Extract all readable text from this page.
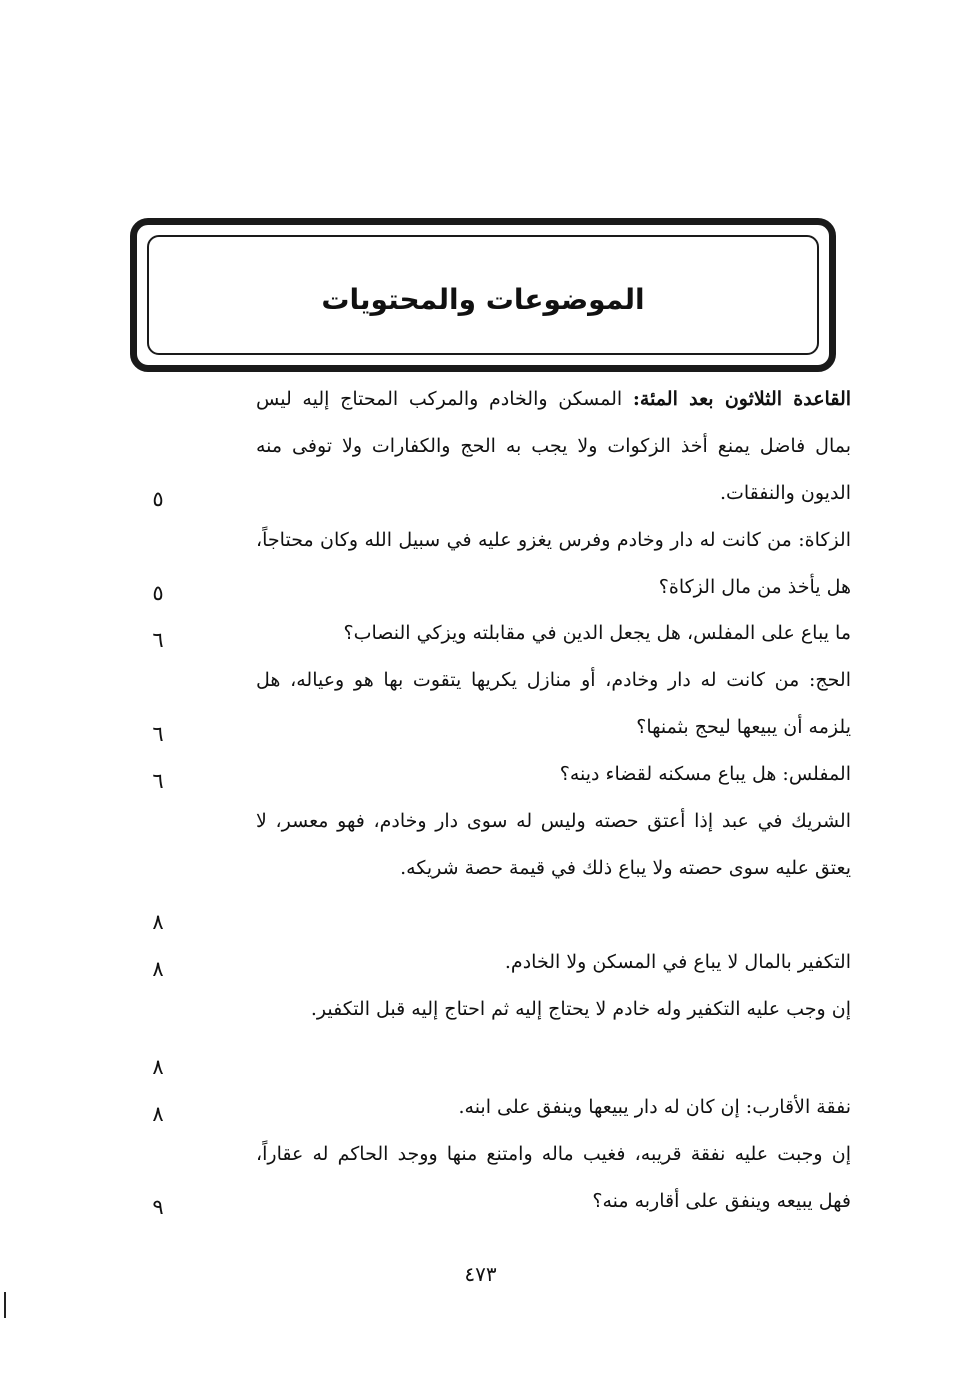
الموضوعات والمحتويات
القاعدة الثلاثون بعد المئة: المسكن والخادم والمركب المحتاج إليه ليس بمال فاضل يمنع أخذ الزكوات ولا يجب به الحج والكفارات ولا توفى منه الديون والنفقات.
٥
الزكاة: من كانت له دار وخادم وفرس يغزو عليه في سبيل الله وكان محتاجاً، هل يأخذ من مال الزكاة؟
٥
ما يباع على المفلس، هل يجعل الدين في مقابلته ويزكي النصاب؟
٦
الحج: من كانت له دار وخادم، أو منازل يكريها يتقوت بها هو وعياله، هل يلزمه أن يبيعها ليحج بثمنها؟
٦
المفلس: هل يباع مسكنه لقضاء دينه؟
٦
الشريك في عبد إذا أعتق حصته وليس له سوى دار وخادم، فهو معسر، لا يعتق عليه سوى حصته ولا يباع ذلك في قيمة حصة شريكه.
٨
التكفير بالمال لا يباع في المسكن ولا الخادم.
٨
إن وجب عليه التكفير وله خادم لا يحتاج إليه ثم احتاج إليه قبل التكفير.
٨
نفقة الأقارب: إن كان له دار يبيعها وينفق على ابنه.
٨
إن وجبت عليه نفقة قريبه، فغيب ماله وامتنع منها ووجد الحاكم له عقاراً، فهل يبيعه وينفق على أقاربه منه؟
٩
٤٧٣
